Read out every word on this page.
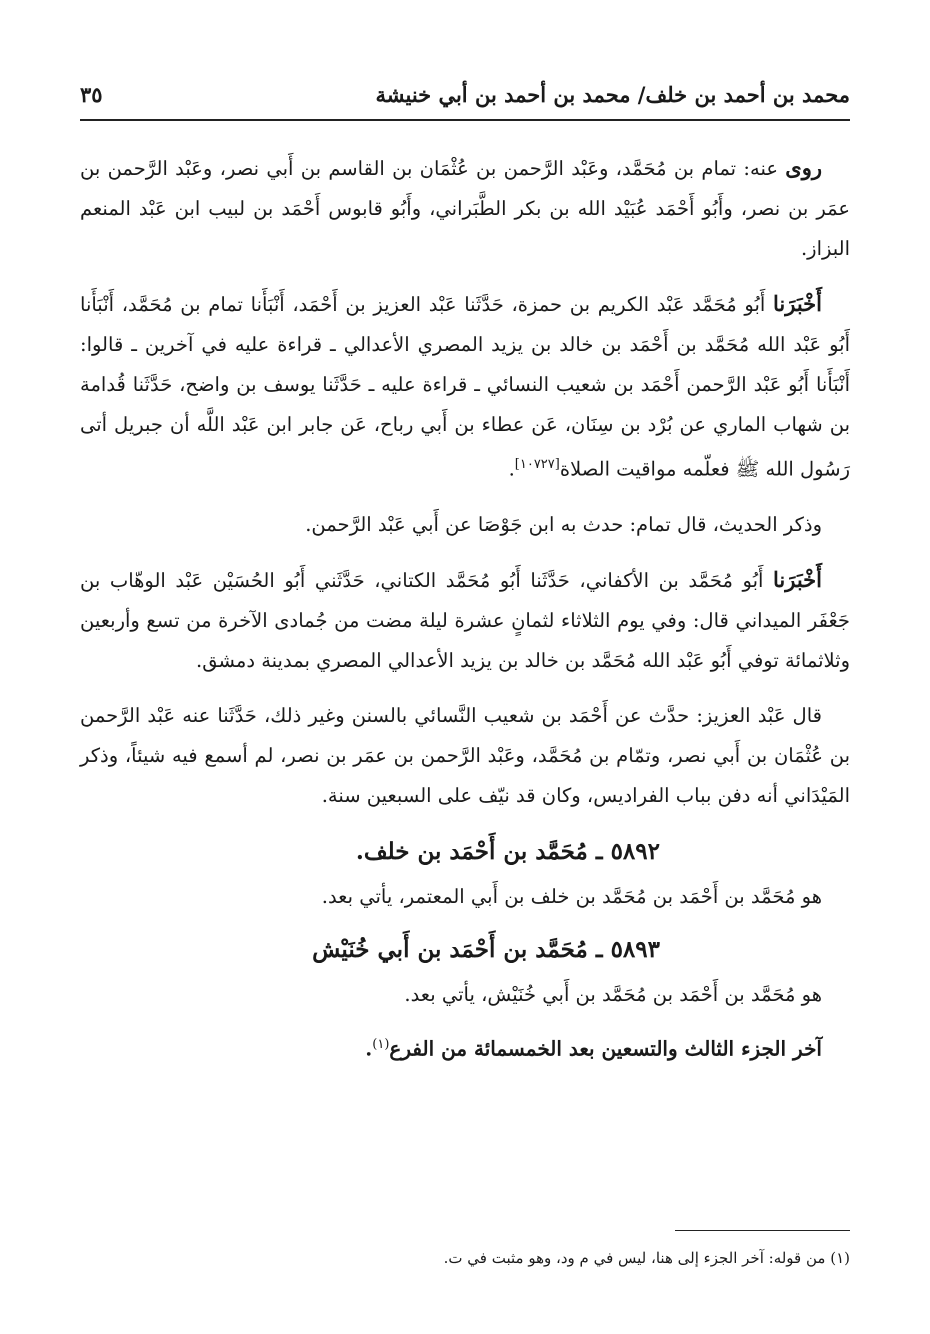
محمد بن أحمد بن خلف/ محمد بن أحمد بن أبي خنيشة
٣٥

روى عنه: تمام بن مُحَمَّد، وعَبْد الرَّحمن بن عُثْمَان بن القاسم بن أَبي نصر، وعَبْد الرَّحمن بن عمَر بن نصر، وأَبُو أَحْمَد عُبَيْد الله بن بكر الطَّبَراني، وأَبُو قابوس أَحْمَد بن لبيب ابن عَبْد المنعم البزاز.

أَخْبَرَنا أَبُو مُحَمَّد عَبْد الكريم بن حمزة، حَدَّثَنا عَبْد العزيز بن أَحْمَد، أَنْبَأَنا تمام بن مُحَمَّد، أَنْبَأَنا أَبُو عَبْد الله مُحَمَّد بن أَحْمَد بن خالد بن يزيد المصري الأعدالي ـ قراءة عليه في آخرين ـ قالوا: أَنْبَأَنا أَبُو عَبْد الرَّحمن أَحْمَد بن شعيب النسائي ـ قراءة عليه ـ حَدَّثَنا يوسف بن واضح، حَدَّثَنا قُدامة بن شهاب الماري عن بُرْد بن سِنَان، عَن عطاء بن أَبي رباح، عَن جابر ابن عَبْد اللَّه أن جبريل أتى رَسُول الله ﷺ فعلّمه مواقيت الصلاة[١٠٧٢٧].

وذكر الحديث، قال تمام: حدث به ابن جَوْصَا عن أَبي عَبْد الرَّحمن.

أَخْبَرَنا أَبُو مُحَمَّد بن الأكفاني، حَدَّثَنا أَبُو مُحَمَّد الكتاني، حَدَّثَني أَبُو الحُسَيْن عَبْد الوهّاب بن جَعْفَر الميداني قال: وفي يوم الثلاثاء لثمانٍ عشرة ليلة مضت من جُمادى الآخرة من تسع وأربعين وثلاثمائة توفي أَبُو عَبْد الله مُحَمَّد بن خالد بن يزيد الأعدالي المصري بمدينة دمشق.

قال عَبْد العزيز: حدَّث عن أَحْمَد بن شعيب النَّسائي بالسنن وغير ذلك، حَدَّثَنا عنه عَبْد الرَّحمن بن عُثْمَان بن أَبي نصر، وتمّام بن مُحَمَّد، وعَبْد الرَّحمن بن عمَر بن نصر، لم أسمع فيه شيئاً، وذكر المَيْدَاني أنه دفن بباب الفراديس، وكان قد نيّف على السبعين سنة.

٥٨٩٢ ـ مُحَمَّد بن أَحْمَد بن خلف.
هو مُحَمَّد بن أَحْمَد بن مُحَمَّد بن خلف بن أَبي المعتمر، يأتي بعد.
٥٨٩٣ ـ مُحَمَّد بن أَحْمَد بن أَبي خُنَيْش
هو مُحَمَّد بن أَحْمَد بن مُحَمَّد بن أَبي خُنَيْش، يأتي بعد.
آخر الجزء الثالث والتسعين بعد الخمسمائة من الفرع$^{(١)}$.
(١) من قوله: آخر الجزء إلى هنا، ليس في م ود، وهو مثبت في ت.
